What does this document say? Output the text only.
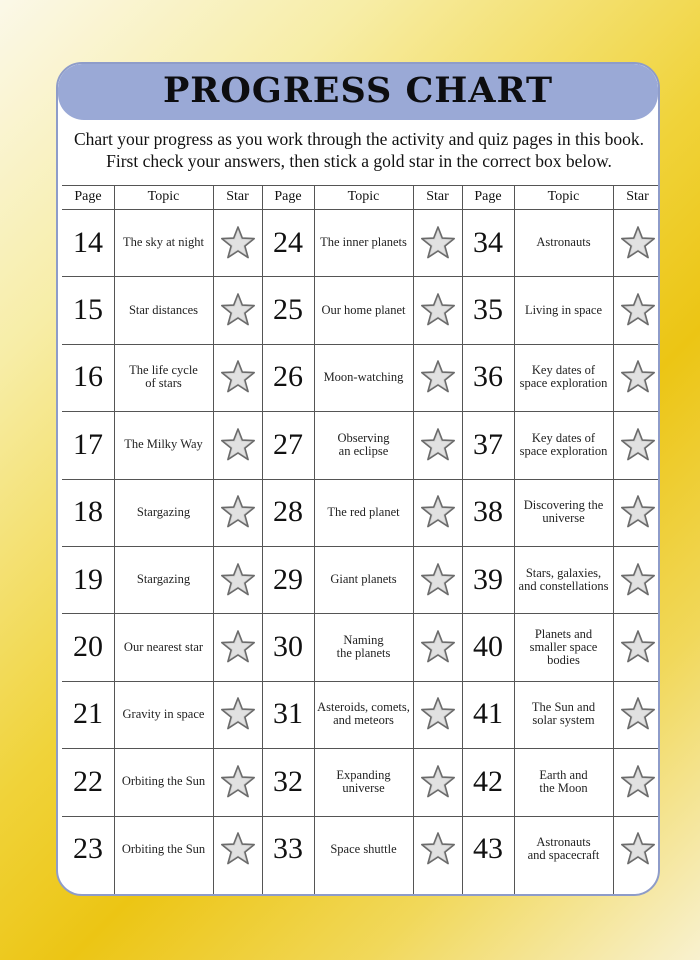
PROGRESS CHART
Chart your progress as you work through the activity and quiz pages in this book.
First check your answers, then stick a gold star in the correct box below.
Page	Topic	Star
14	The sky at night
15	Star distances
16	The life cycle
of stars
17	The Milky Way
18	Stargazing
19	Stargazing
20	Our nearest star
21	Gravity in space
22	Orbiting the Sun
23	Orbiting the Sun
Page	Topic	Star
24	The inner planets
25	Our home planet
26	Moon-watching
27	Observing
an eclipse
28	The red planet
29	Giant planets
30	Naming
the planets
31	Asteroids, comets,
and meteors
32	Expanding
universe
33	Space shuttle
Page	Topic	Star
34	Astronauts
35	Living in space
36	Key dates of
space exploration
37	Key dates of
space exploration
38	Discovering the
universe
39	Stars, galaxies,
and constellations
40	Planets and
smaller space
bodies
41	The Sun and
solar system
42	Earth and
the Moon
43	Astronauts
and spacecraft
